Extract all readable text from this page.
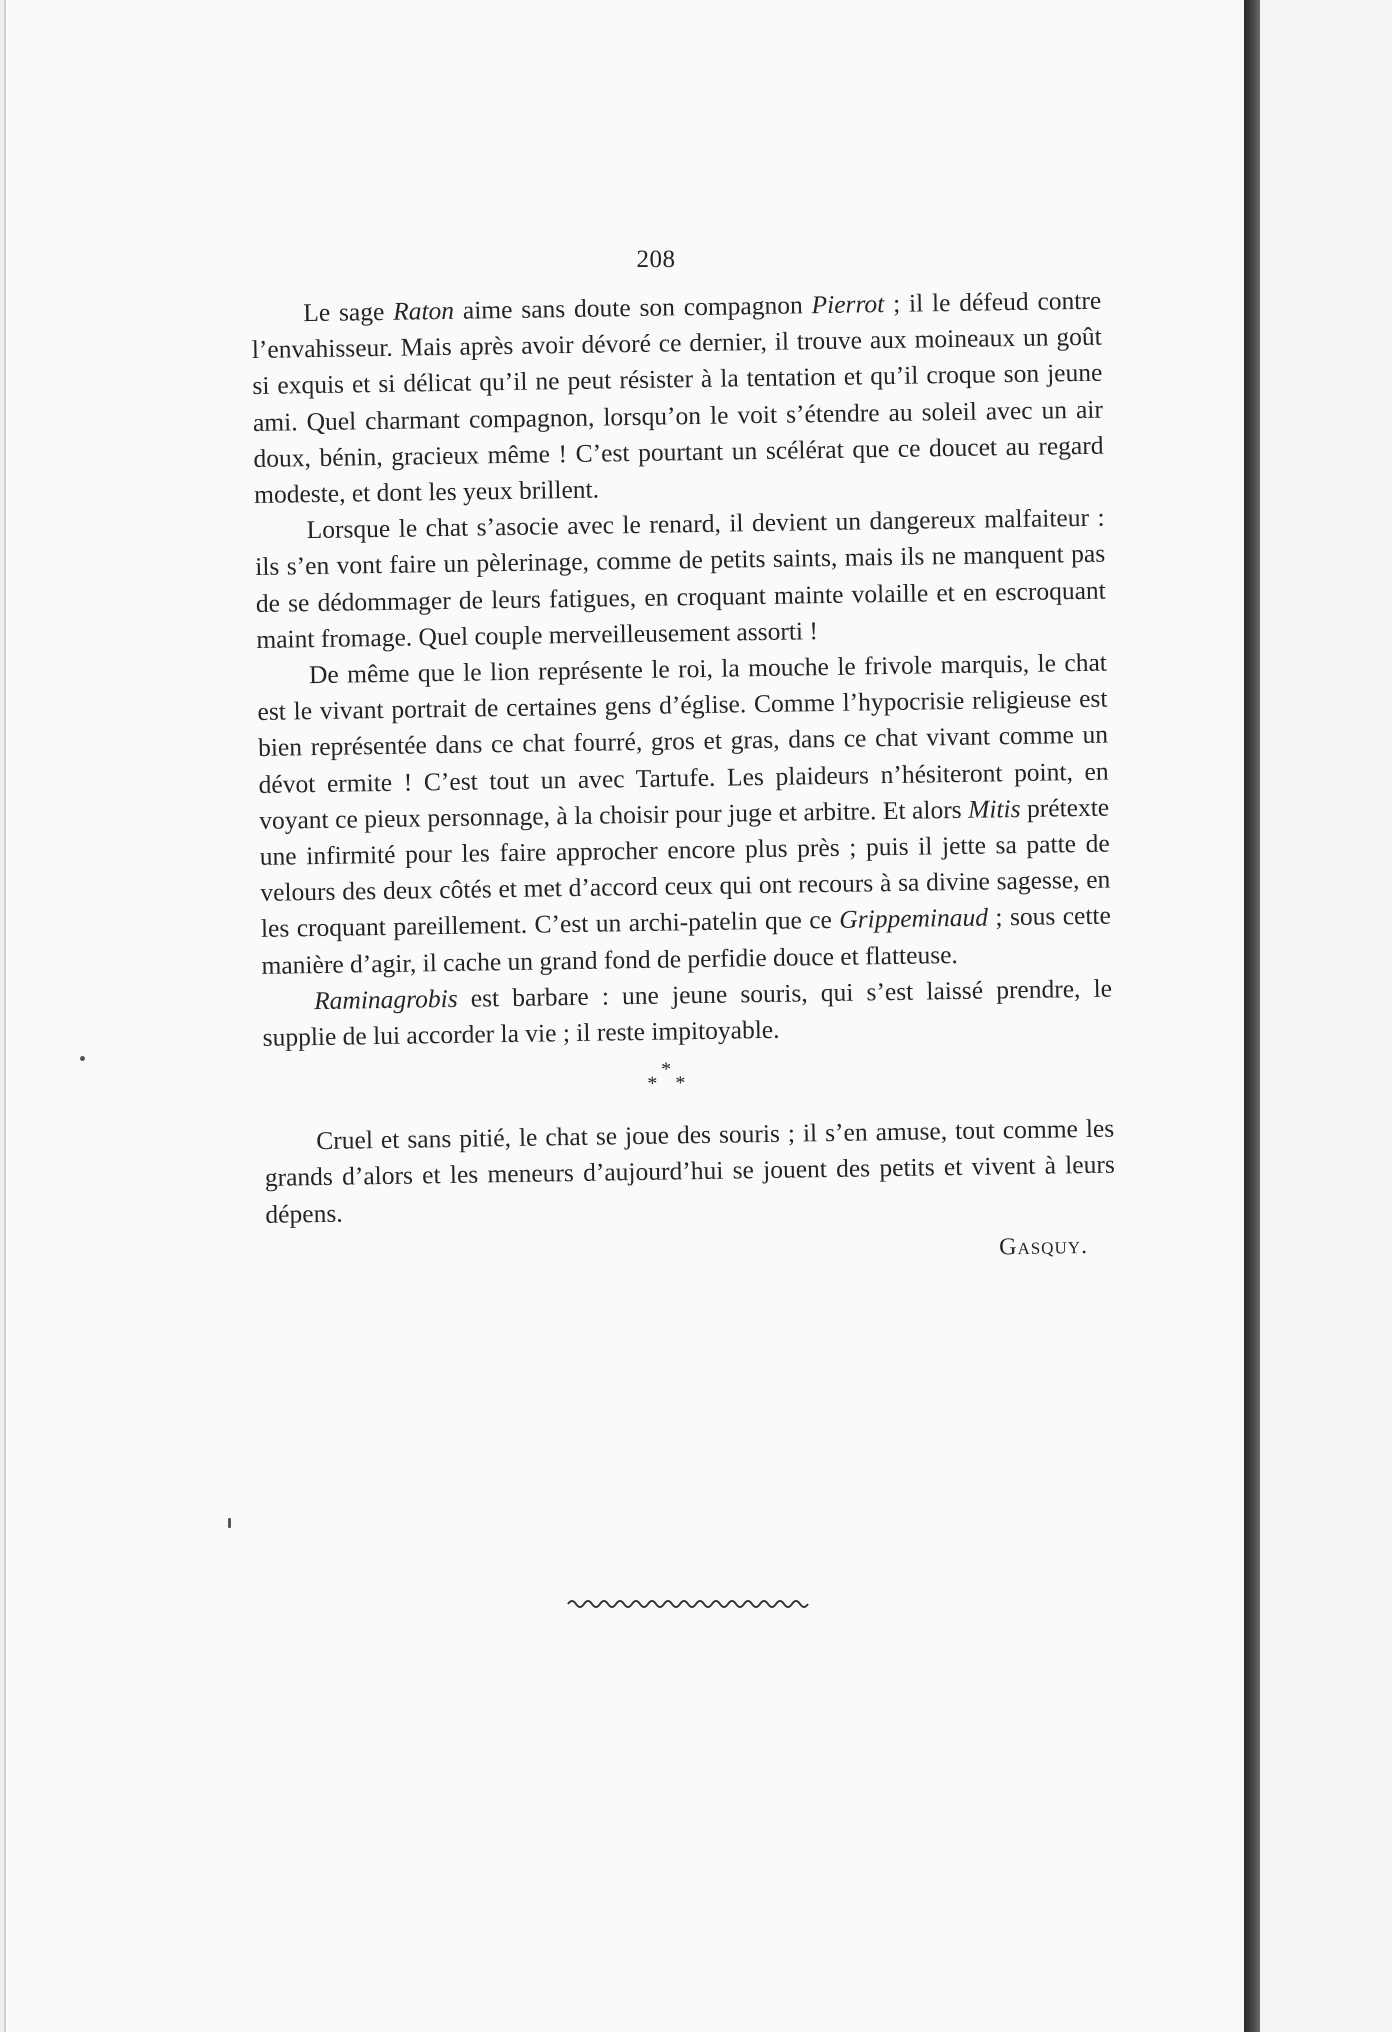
208

Le sage Raton aime sans doute son compagnon Pierrot ; il le défeud contre l’envahisseur. Mais après avoir dévoré ce dernier, il trouve aux moineaux un goût si exquis et si délicat qu’il ne peut résister à la tentation et qu’il croque son jeune ami. Quel charmant compagnon, lorsqu’on le voit s’étendre au soleil avec un air doux, bénin, gracieux même ! C’est pourtant un scélérat que ce doucet au regard modeste, et dont les yeux brillent.

Lorsque le chat s’asocie avec le renard, il devient un dangereux malfaiteur : ils s’en vont faire un pèlerinage, comme de petits saints, mais ils ne manquent pas de se dédommager de leurs fatigues, en croquant mainte volaille et en escroquant maint fromage. Quel couple merveilleusement assorti !

De même que le lion représente le roi, la mouche le frivole marquis, le chat est le vivant portrait de certaines gens d’église. Comme l’hypocrisie religieuse est bien représentée dans ce chat fourré, gros et gras, dans ce chat vivant comme un dévot ermite ! C’est tout un avec Tartufe. Les plaideurs n’hésiteront point, en voyant ce pieux personnage, à la choisir pour juge et arbitre. Et alors Mitis prétexte une infirmité pour les faire approcher encore plus près ; puis il jette sa patte de velours des deux côtés et met d’accord ceux qui ont recours à sa divine sagesse, en les croquant pareillement. C’est un archi-patelin que ce Grippeminaud ; sous cette manière d’agir, il cache un grand fond de perfidie douce et flatteuse.

Raminagrobis est barbare : une jeune souris, qui s’est laissé prendre, le supplie de lui accorder la vie ; il reste impitoyable.

*
* *

Cruel et sans pitié, le chat se joue des souris ; il s’en amuse, tout comme les grands d’alors et les meneurs d’aujourd’hui se jouent des petits et vivent à leurs dépens.

Gasquy.
